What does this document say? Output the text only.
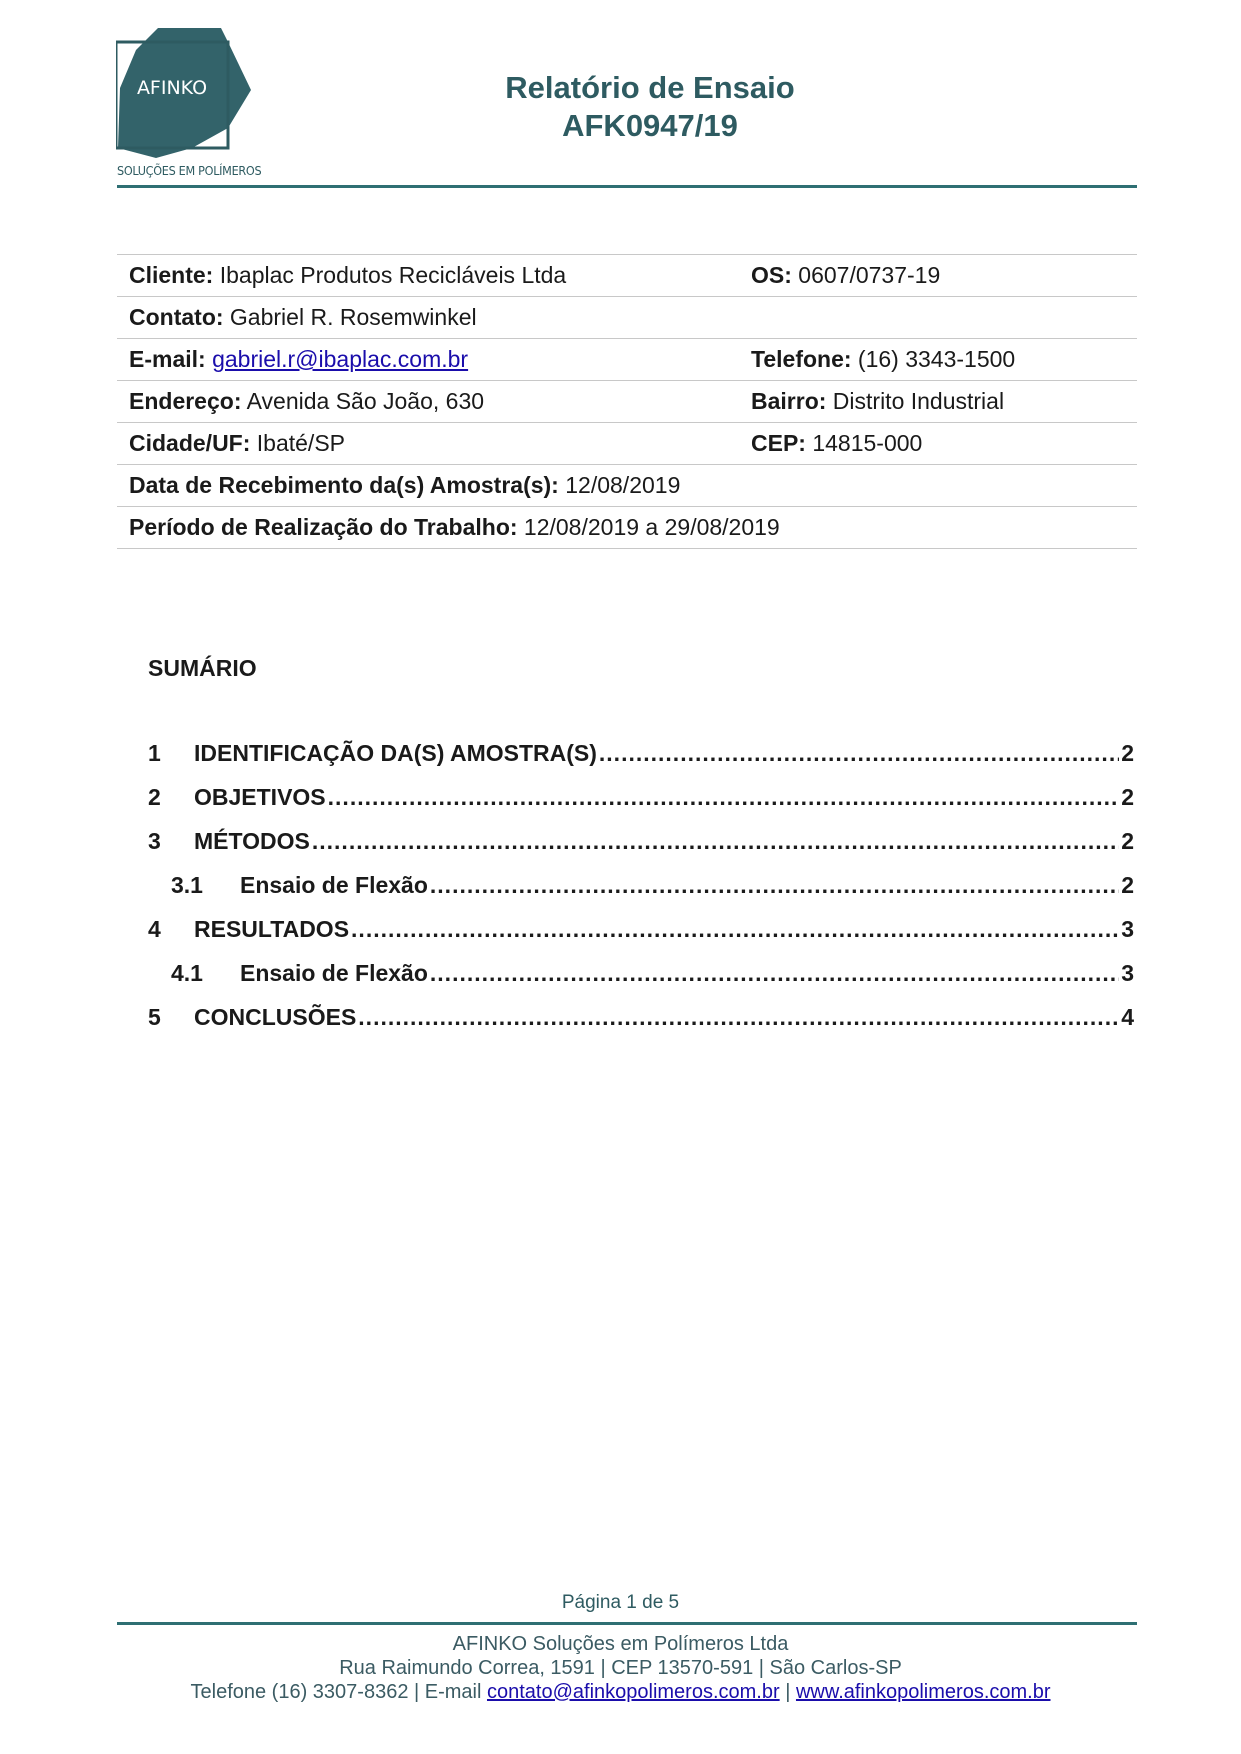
AFINKO
SOLUÇÕES EM POLÍMEROS
Relatório de Ensaio
AFK0947/19
Cliente: Ibaplac Produtos Recicláveis Ltda	OS: 0607/0737-19
Contato: Gabriel R. Rosemwinkel	
E-mail: gabriel.r@ibaplac.com.br	Telefone: (16) 3343-1500
Endereço: Avenida São João, 630	Bairro: Distrito Industrial
Cidade/UF: Ibaté/SP	CEP: 14815-000
Data de Recebimento da(s) Amostra(s): 12/08/2019	
Período de Realização do Trabalho: 12/08/2019 a 29/08/2019	
SUMÁRIO
1	IDENTIFICAÇÃO DA(S) AMOSTRA(S) .....	2
2	OBJETIVOS .....	2
3	MÉTODOS .....	2
3.1	Ensaio de Flexão .....	2
4	RESULTADOS .....	3
4.1	Ensaio de Flexão .....	3
5	CONCLUSÕES .....	4
Página 1 de 5
AFINKO Soluções em Polímeros Ltda
Rua Raimundo Correa, 1591 | CEP 13570-591 | São Carlos-SP
Telefone (16) 3307-8362 | E-mail contato@afinkopolimeros.com.br | www.afinkopolimeros.com.br
